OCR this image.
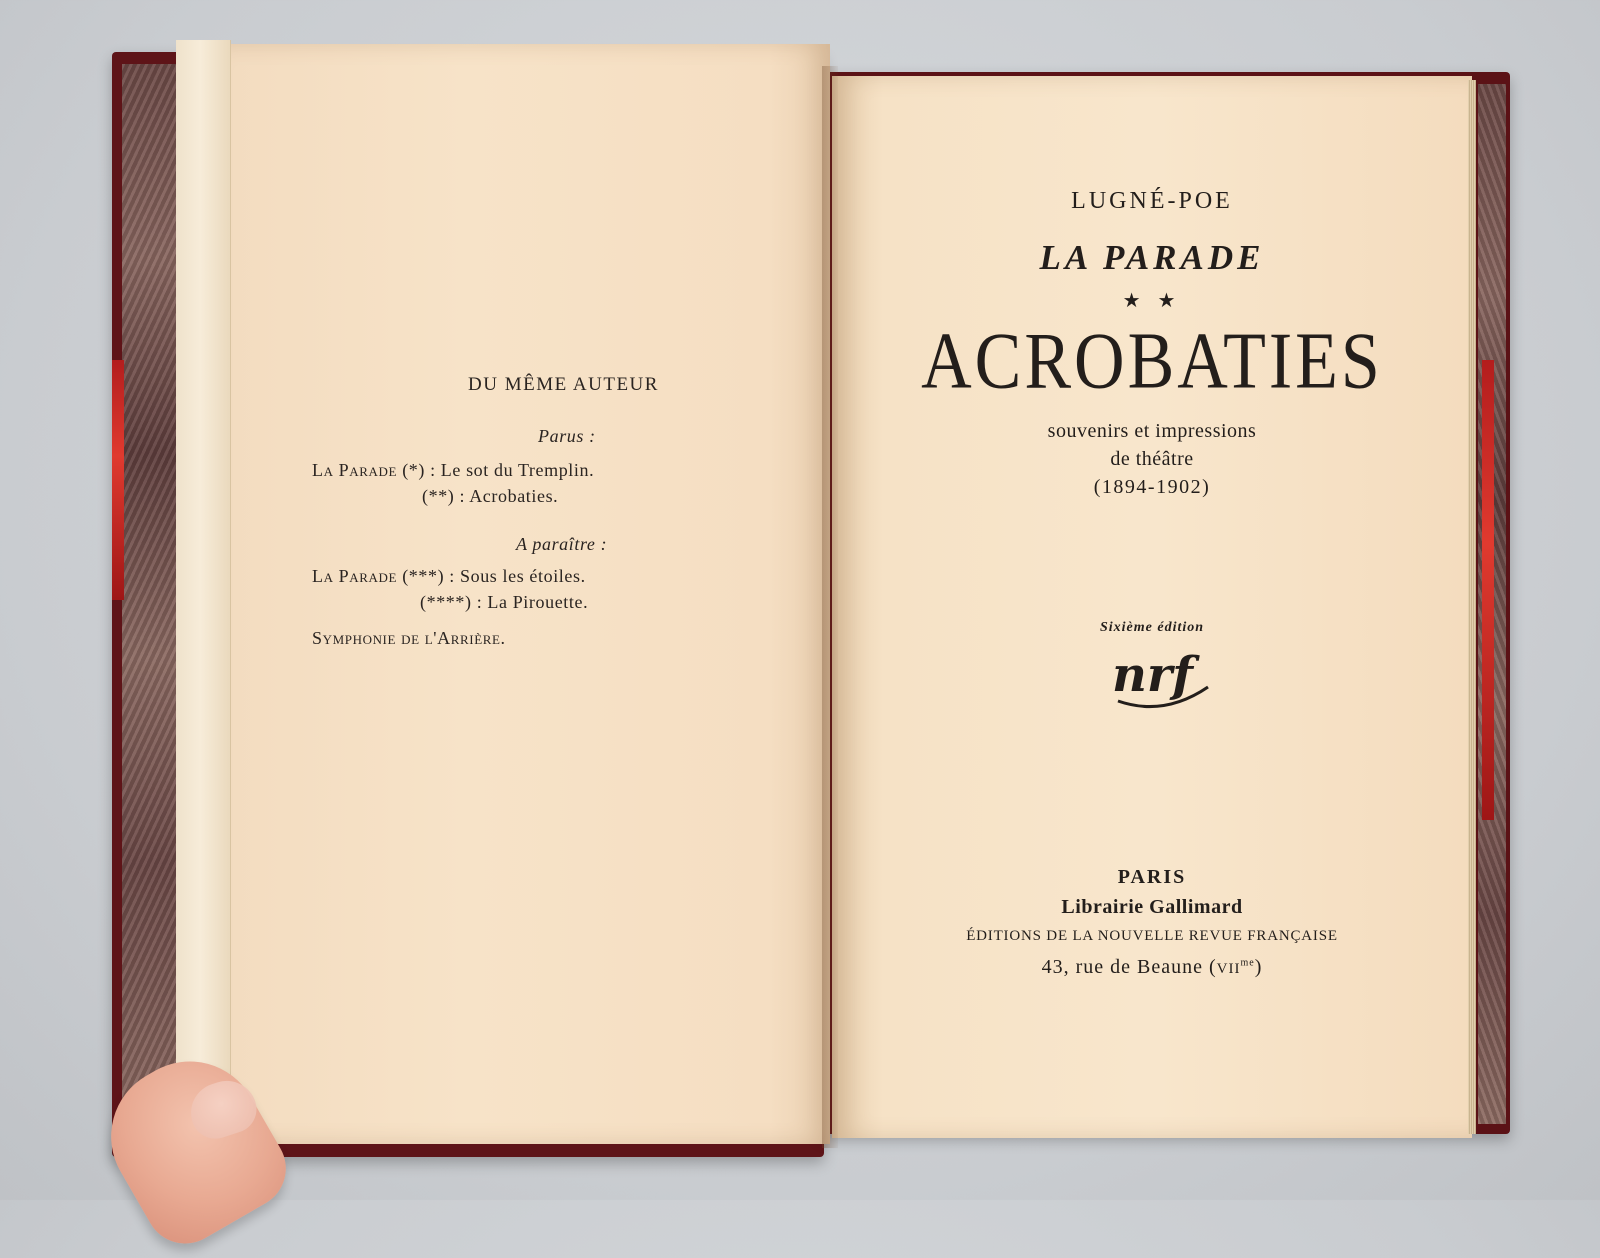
DU MÊME AUTEUR
Parus :
La Parade (*) : Le sot du Tremplin.
(**) : Acrobaties.
A paraître :
La Parade (***) : Sous les étoiles.
(****) : La Pirouette.
Symphonie de l'Arrière.
LUGNÉ-POE
LA PARADE
★ ★
ACROBATIES
souvenirs et impressions
de théâtre
(1894-1902)
Sixième édition
nrf
PARIS
Librairie Gallimard
ÉDITIONS DE LA NOUVELLE REVUE FRANÇAISE
43, rue de Beaune $(VII^{me})$
